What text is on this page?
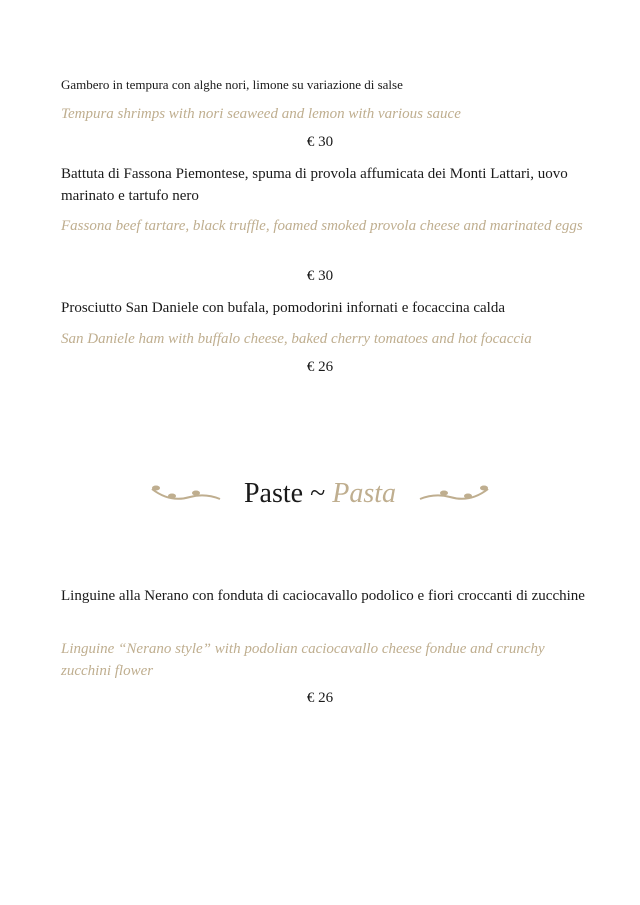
Gambero in tempura con alghe nori, limone su variazione di salse
Tempura shrimps with nori seaweed and lemon with various sauce
€ 30
Battuta di Fassona Piemontese, spuma di provola affumicata dei Monti Lattari, uovo marinato e tartufo nero
Fassona beef tartare, black truffle, foamed smoked provola cheese and marinated eggs
€ 30
Prosciutto San Daniele con bufala, pomodorini infornati e focaccina calda
San Daniele ham with buffalo cheese, baked cherry tomatoes and hot focaccia
€ 26
Paste ~ Pasta
Linguine alla Nerano con fonduta di caciocavallo podolico e fiori croccanti di zucchine
Linguine “Nerano style” with podolian caciocavallo cheese fondue and crunchy zucchini flower
€ 26
